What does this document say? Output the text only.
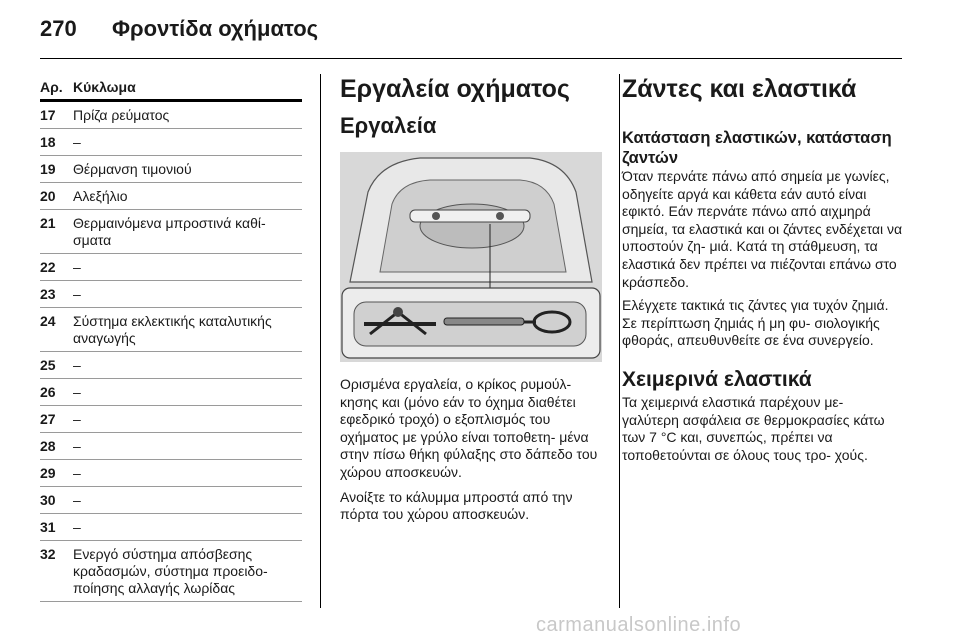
270 Φροντίδα οχήματος
Αρ. Κύκλωμα
17	Πρίζα ρεύματος
18	–
19	Θέρμανση τιμονιού
20	Αλεξήλιο
21	Θερμαινόμενα μπροστινά καθί- σματα
22	–
23	–
24	Σύστημα εκλεκτικής καταλυτικής αναγωγής
25	–
26	–
27	–
28	–
29	–
30	–
31	–
32	Ενεργό σύστημα απόσβεσης κραδασμών, σύστημα προειδο- ποίησης αλλαγής λωρίδας
Εργαλεία οχήματος
Εργαλεία

Ορισμένα εργαλεία, ο κρίκος ρυμούλ- κησης και (μόνο εάν το όχημα διαθέτει εφεδρικό τροχό) ο εξοπλισμός του οχήματος με γρύλο είναι τοποθετη- μένα στην πίσω θήκη φύλαξης στο δάπεδο του χώρου αποσκευών.

Ανοίξτε το κάλυμμα μπροστά από την πόρτα του χώρου αποσκευών.

Ζάντες και ελαστικά
Κατάσταση ελαστικών, κατάσταση ζαντών

Όταν περνάτε πάνω από σημεία με γωνίες, οδηγείτε αργά και κάθετα εάν αυτό είναι εφικτό. Εάν περνάτε πάνω από αιχμηρά σημεία, τα ελαστικά και οι ζάντες ενδέχεται να υποστούν ζη- μιά. Κατά τη στάθμευση, τα ελαστικά δεν πρέπει να πιέζονται επάνω στο κράσπεδο.

Ελέγχετε τακτικά τις ζάντες για τυχόν ζημιά. Σε περίπτωση ζημιάς ή μη φυ- σιολογικής φθοράς, απευθυνθείτε σε ένα συνεργείο.

Χειμερινά ελαστικά

Τα χειμερινά ελαστικά παρέχουν με- γαλύτερη ασφάλεια σε θερμοκρασίες κάτω των 7 °C και, συνεπώς, πρέπει να τοποθετούνται σε όλους τους τρο- χούς.

carmanualsonline.info
